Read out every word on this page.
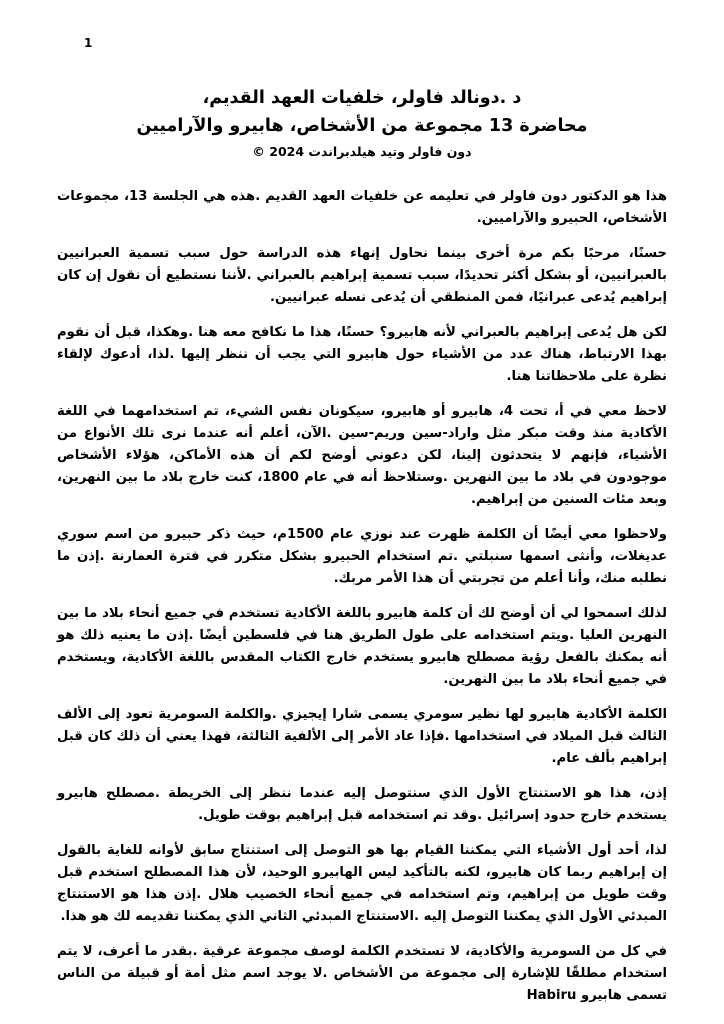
1
د .دونالد فاولر، خلفيات العهد القديم،
محاضرة 13 مجموعة من الأشخاص، هابيرو والآراميين
دون فاولر وتيد هيلدبراندت 2024 ©

هذا هو الدكتور دون فاولر في تعليمه عن خلفيات العهد القديم .هذه هي الجلسة 13، مجموعات الأشخاص، الحبيرو والآراميين.

حسنًا، مرحبًا بكم مرة أخرى بينما نحاول إنهاء هذه الدراسة حول سبب تسمية العبرانيين بالعبرانيين، أو بشكل أكثر تحديدًا، سبب تسمية إبراهيم بالعبراني .لأننا نستطيع أن نقول إن كان إبراهيم يُدعى عبرانيًا، فمن المنطقي أن يُدعى نسله عبرانيين.

لكن هل يُدعى إبراهيم بالعبراني لأنه هابيرو؟ حسنًا، هذا ما نكافح معه هنا .وهكذا، قبل أن نقوم بهذا الارتباط، هناك عدد من الأشياء حول هابيرو التي يجب أن ننظر إليها .لذا، أدعوك لإلقاء نظرة على ملاحظاتنا هنا.

لاحظ معي في أ، تحت 4، هابيرو أو هابيرو، سيكونان نفس الشيء، تم استخدامهما في اللغة الأكادية منذ وقت مبكر مثل واراد-سين وريم-سين .الآن، أعلم أنه عندما نرى تلك الأنواع من الأشياء، فإنهم لا يتحدثون إلينا، لكن دعوني أوضح لكم أن هذه الأماكن، هؤلاء الأشخاص موجودون في بلاد ما بين النهرين .وستلاحظ أنه في عام 1800، كنت خارج بلاد ما بين النهرين، وبعد مئات السنين من إبراهيم.

ولاحظوا معي أيضًا أن الكلمة ظهرت عند نوزي عام 1500م، حيث ذكر حبيرو من اسم سوري عديغلات، وأنثى اسمها سنبلتي .تم استخدام الحبيرو بشكل متكرر في فترة العمارنة .إذن ما نطلبه منك، وأنا أعلم من تجربتي أن هذا الأمر مربك.

لذلك اسمحوا لي أن أوضح لك أن كلمة هابيرو باللغة الأكادية تستخدم في جميع أنحاء بلاد ما بين النهرين العليا .ويتم استخدامه على طول الطريق هنا في فلسطين أيضًا .إذن ما يعنيه ذلك هو أنه يمكنك بالفعل رؤية مصطلح هابيرو يستخدم خارج الكتاب المقدس باللغة الأكادية، ويستخدم في جميع أنحاء بلاد ما بين النهرين.

الكلمة الأكادية هابيرو لها نظير سومري يسمى شارا إيجيزي .والكلمة السومرية تعود إلى الألف الثالث قبل الميلاد في استخدامها .فإذا عاد الأمر إلى الألفية الثالثة، فهذا يعني أن ذلك كان قبل إبراهيم بألف عام.

إذن، هذا هو الاستنتاج الأول الذي سنتوصل إليه عندما ننظر إلى الخريطة .مصطلح هابيرو يستخدم خارج حدود إسرائيل .وقد تم استخدامه قبل إبراهيم بوقت طويل.

لذا، أحد أول الأشياء التي يمكننا القيام بها هو التوصل إلى استنتاج سابق لأوانه للغاية بالقول إن إبراهيم ربما كان هابيرو، لكنه بالتأكيد ليس الهابيرو الوحيد، لأن هذا المصطلح استخدم قبل وقت طويل من إبراهيم، وتم استخدامه في جميع أنحاء الخصيب هلال .إذن هذا هو الاستنتاج المبدئي الأول الذي يمكننا التوصل إليه .الاستنتاج المبدئي الثاني الذي يمكننا تقديمه لك هو هذا.

في كل من السومرية والأكادية، لا تستخدم الكلمة لوصف مجموعة عرقية .بقدر ما أعرف، لا يتم استخدام مطلقًا للإشارة إلى مجموعة من الأشخاص .لا يوجد اسم مثل أمة أو قبيلة من الناس تسمى هابيرو Habiru
